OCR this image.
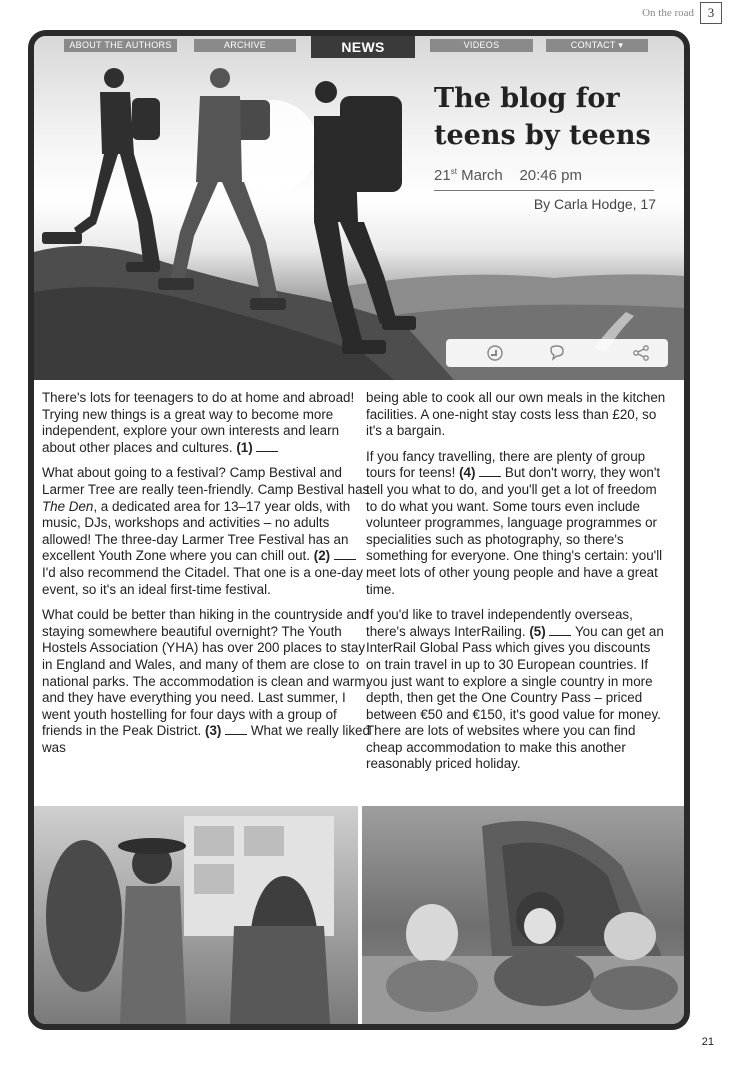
On the road	3
ABOUT THE AUTHORS	ARCHIVE	NEWS	VIDEOS	CONTACT ▾
The blog for
teens by teens
21st March 20:46 pm
By Carla Hodge, 17

There's lots for teenagers to do at home and abroad! Trying new things is a great way to become more independent, explore your own interests and learn about other places and cultures. (1)

What about going to a festival? Camp Bestival and Larmer Tree are really teen-friendly. Camp Bestival has The Den, a dedicated area for 13–17 year olds, with music, DJs, workshops and activities – no adults allowed! The three-day Larmer Tree Festival has an excellent Youth Zone where you can chill out. (2)  I'd also recommend the Citadel. That one is a one-day event, so it's an ideal first-time festival.

What could be better than hiking in the countryside and staying somewhere beautiful overnight? The Youth Hostels Association (YHA) has over 200 places to stay in England and Wales, and many of them are close to national parks. The accommodation is clean and warm, and they have everything you need. Last summer, I went youth hostelling for four days with a group of friends in the Peak District. (3) What we really liked was

being able to cook all our own meals in the kitchen facilities. A one-night stay costs less than £20, so it's a bargain.

If you fancy travelling, there are plenty of group tours for teens! (4) But don't worry, they won't tell you what to do, and you'll get a lot of freedom to do what you want. Some tours even include volunteer programmes, language programmes or specialities such as photography, so there's something for everyone. One thing's certain: you'll meet lots of other young people and have a great time.

If you'd like to travel independently overseas, there's always InterRailing. (5) You can get an InterRail Global Pass which gives you discounts on train travel in up to 30 European countries. If you just want to explore a single country in more depth, then get the One Country Pass – priced between €50 and €150, it's good value for money. There are lots of websites where you can find cheap accommodation to make this another reasonably priced holiday.

21
